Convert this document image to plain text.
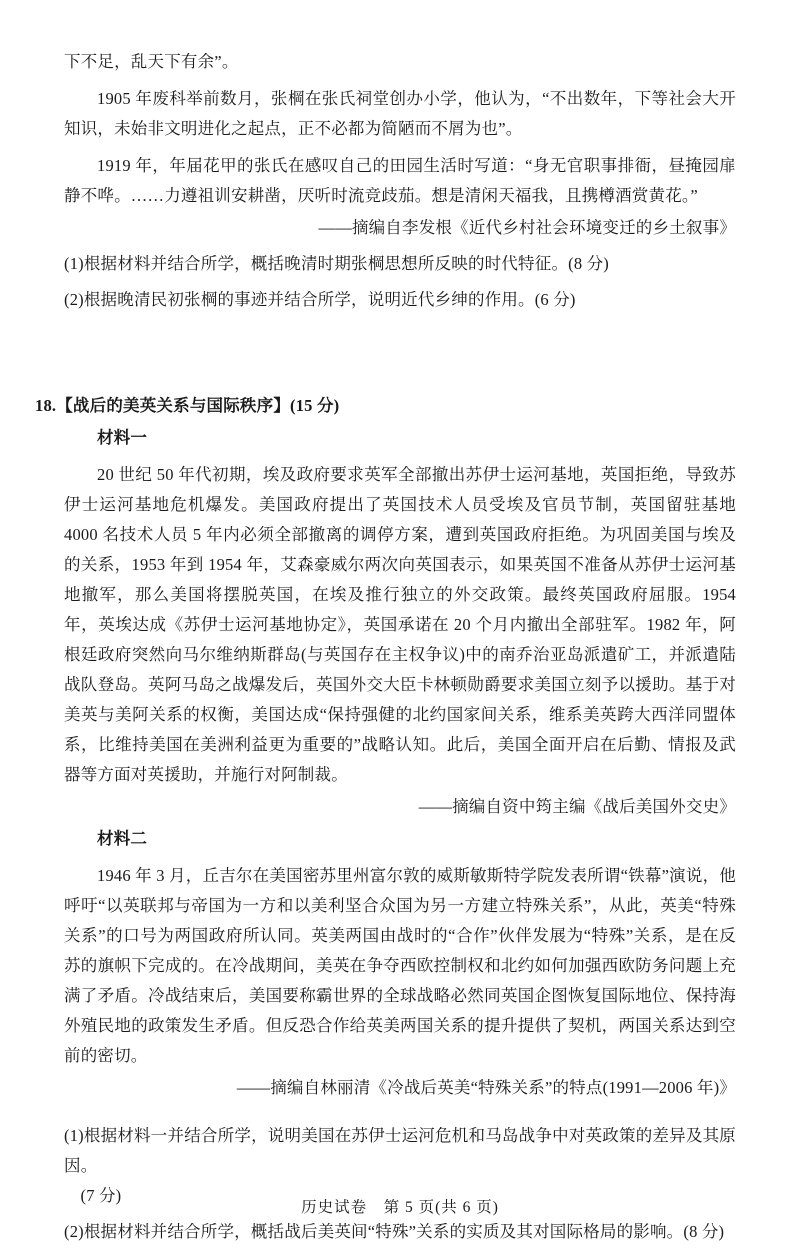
下不足，乱天下有余”。

1905 年废科举前数月，张棡在张氏祠堂创办小学，他认为，“不出数年，下等社会大开知识，未始非文明进化之起点，正不必都为简陋而不屑为也”。

1919 年，年届花甲的张氏在感叹自己的田园生活时写道：“身无官职事排衙，昼掩园扉静不哗。……力遵祖训安耕凿，厌听时流竞歧茄。想是清闲天福我，且携樽酒赏黄花。”

——摘编自李发根《近代乡村社会环境变迁的乡土叙事》

(1)根据材料并结合所学，概括晚清时期张棡思想所反映的时代特征。(8 分)

(2)根据晚清民初张棡的事迹并结合所学，说明近代乡绅的作用。(6 分)

18.【战后的美英关系与国际秩序】(15 分)

材料一

20 世纪 50 年代初期，埃及政府要求英军全部撤出苏伊士运河基地，英国拒绝，导致苏伊士运河基地危机爆发。美国政府提出了英国技术人员受埃及官员节制，英国留驻基地 4000 名技术人员 5 年内必须全部撤离的调停方案，遭到英国政府拒绝。为巩固美国与埃及的关系，1953 年到 1954 年，艾森豪威尔两次向英国表示，如果英国不准备从苏伊士运河基地撤军，那么美国将摆脱英国，在埃及推行独立的外交政策。最终英国政府屈服。1954 年，英埃达成《苏伊士运河基地协定》，英国承诺在 20 个月内撤出全部驻军。1982 年，阿根廷政府突然向马尔维纳斯群岛(与英国存在主权争议)中的南乔治亚岛派遣矿工，并派遣陆战队登岛。英阿马岛之战爆发后，英国外交大臣卡林顿勋爵要求美国立刻予以援助。基于对美英与美阿关系的权衡，美国达成“保持强健的北约国家间关系，维系美英跨大西洋同盟体系，比维持美国在美洲利益更为重要的”战略认知。此后，美国全面开启在后勤、情报及武器等方面对英援助，并施行对阿制裁。

——摘编自资中筠主编《战后美国外交史》

材料二

1946 年 3 月，丘吉尔在美国密苏里州富尔敦的威斯敏斯特学院发表所谓“铁幕”演说，他呼吁“以英联邦与帝国为一方和以美利坚合众国为另一方建立特殊关系”，从此，英美“特殊关系”的口号为两国政府所认同。英美两国由战时的“合作”伙伴发展为“特殊”关系，是在反苏的旗帜下完成的。在冷战期间，美英在争夺西欧控制权和北约如何加强西欧防务问题上充满了矛盾。冷战结束后，美国要称霸世界的全球战略必然同英国企图恢复国际地位、保持海外殖民地的政策发生矛盾。但反恐合作给英美两国关系的提升提供了契机，两国关系达到空前的密切。

——摘编自林丽清《冷战后英美“特殊关系”的特点(1991—2006 年)》

(1)根据材料一并结合所学，说明美国在苏伊士运河危机和马岛战争中对英政策的差异及其原因。
(7 分)

(2)根据材料并结合所学，概括战后美英间“特殊”关系的实质及其对国际格局的影响。(8 分)

历史试卷　第 5 页(共 6 页)
